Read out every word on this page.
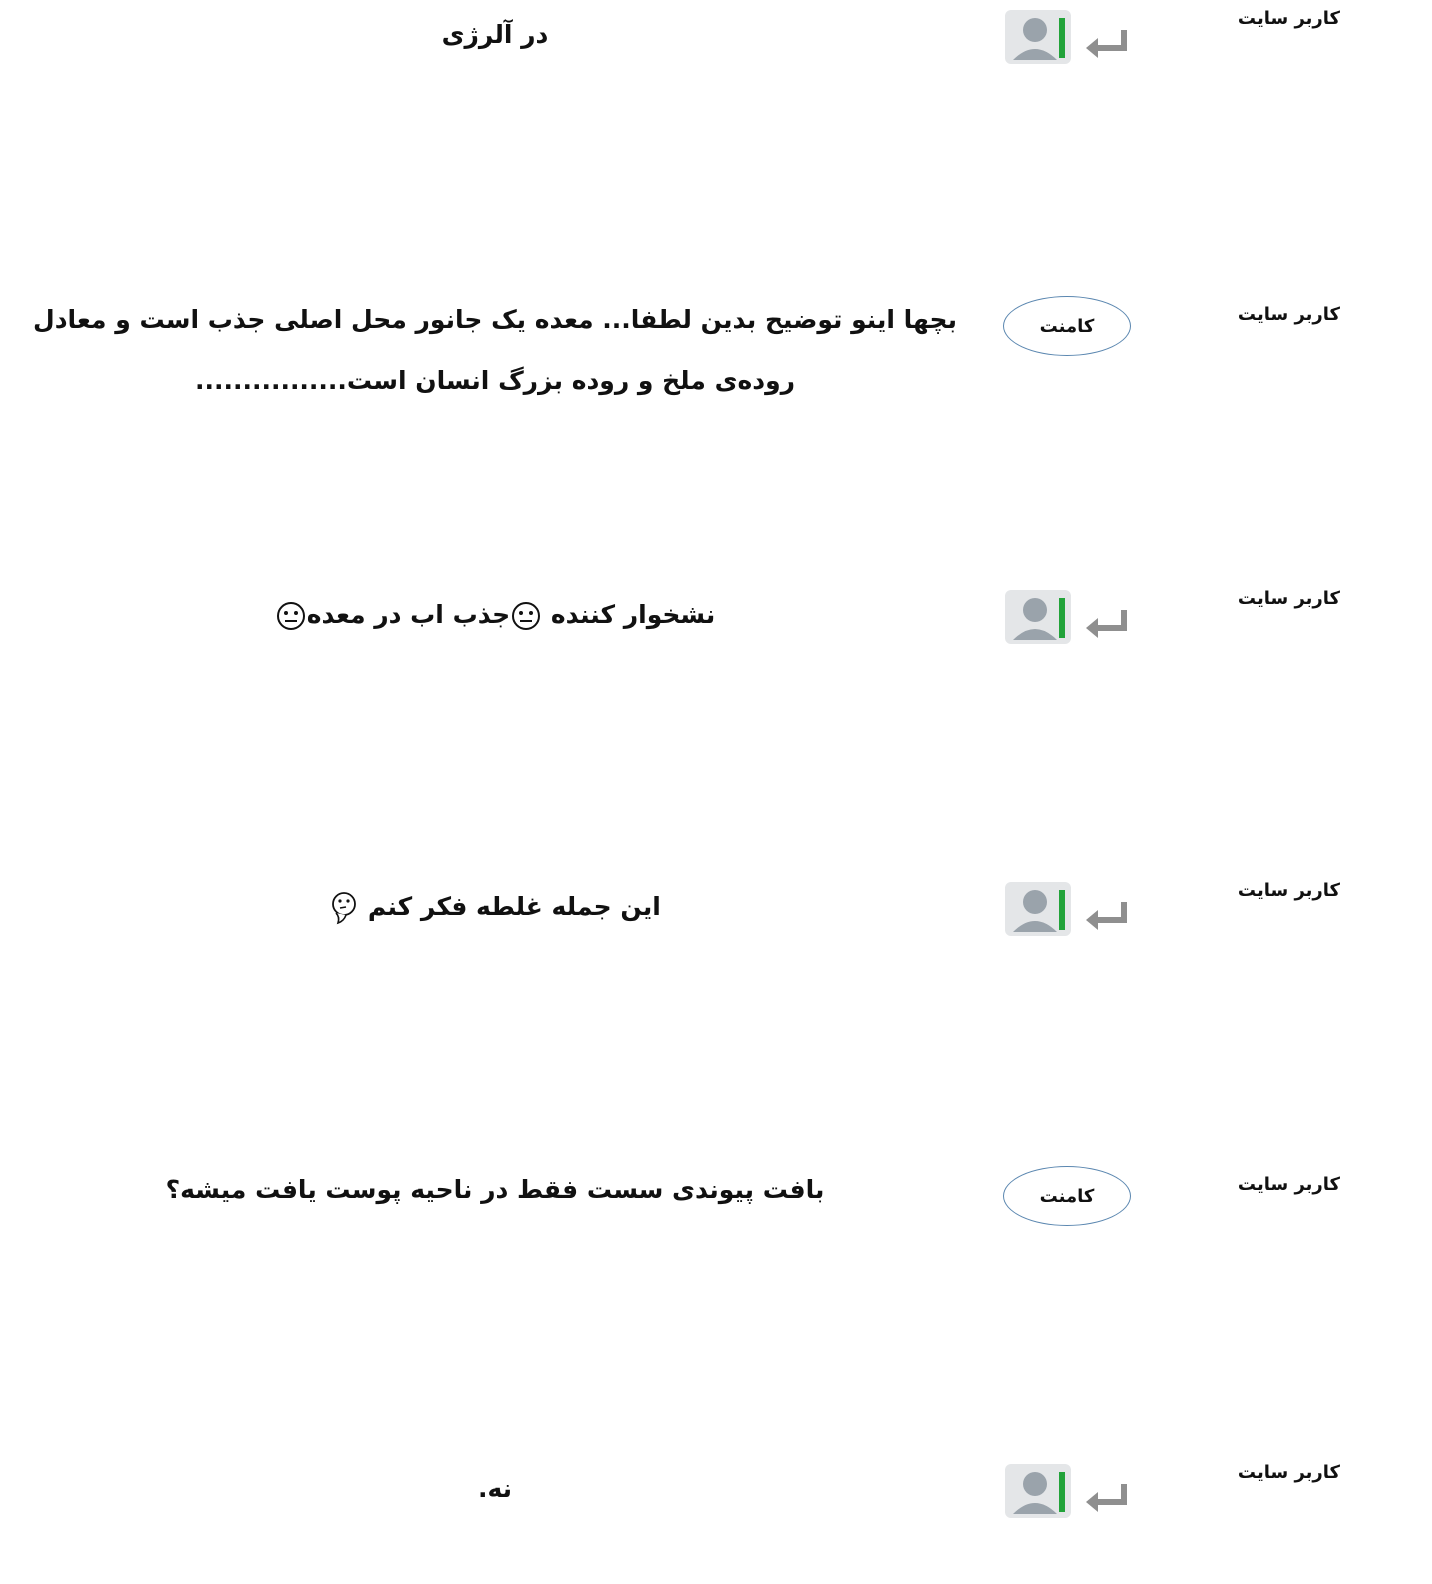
کاربر سایت
در آلرژی
کاربر سایت
کامنت
بچها اینو توضیح بدین لطفا... معده یک جانور محل اصلی جذب است و معادل روده‌ی ملخ و روده بزرگ انسان است................
کاربر سایت
نشخوار کننده جذب اب در معده
کاربر سایت
این جمله غلطه فکر کنم
کاربر سایت
کامنت
بافت پیوندی سست فقط در ناحیه پوست یافت میشه؟
کاربر سایت
نه.
